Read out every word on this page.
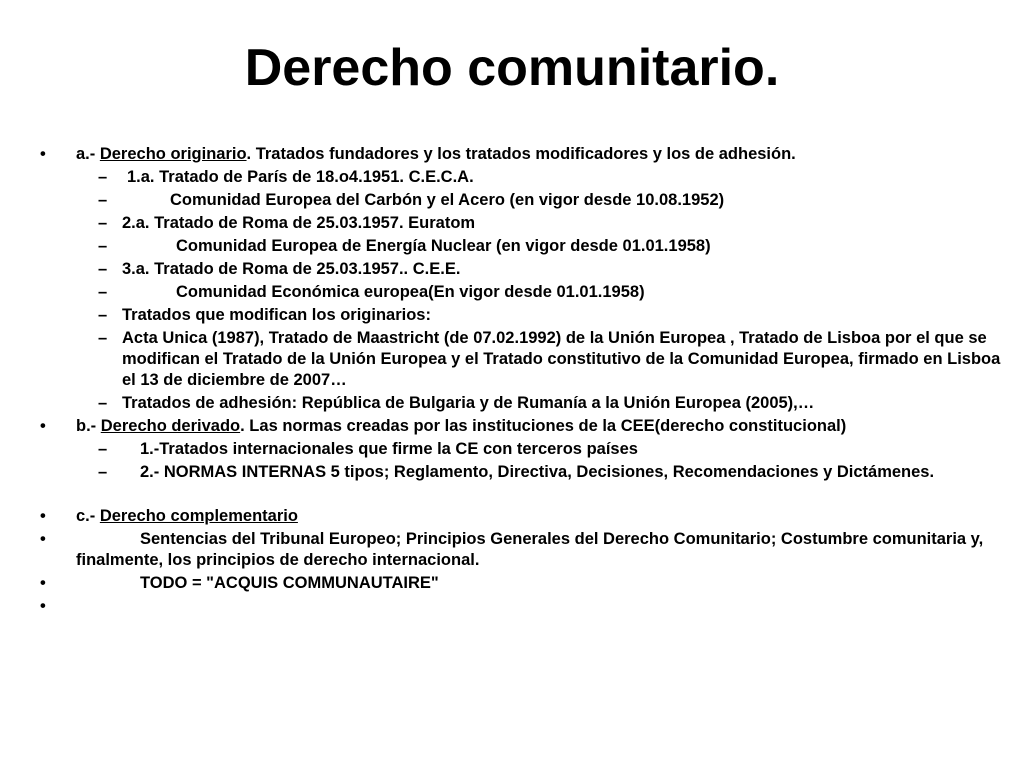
Derecho comunitario.
•	a.- Derecho originario. Tratados fundadores y los tratados modificadores y los de adhesión.
– 1.a. Tratado de París de 18.o4.1951. C.E.C.A.
–	Comunidad Europea del Carbón y el Acero (en vigor desde 10.08.1952)
– 2.a. Tratado de Roma de 25.03.1957. Euratom
–	Comunidad Europea de Energía Nuclear (en vigor desde 01.01.1958)
– 3.a. Tratado de Roma de 25.03.1957.. C.E.E.
–	Comunidad Económica europea(En vigor desde 01.01.1958)
– Tratados que modifican los originarios:
– Acta Unica (1987), Tratado de Maastricht (de 07.02.1992) de la Unión Europea , Tratado de Lisboa por el que se modifican el Tratado de la Unión Europea y el Tratado constitutivo de la Comunidad Europea, firmado en Lisboa el 13 de diciembre de 2007…
– Tratados de adhesión: República de Bulgaria y de Rumanía a la Unión Europea (2005),…
•	b.- Derecho derivado. Las normas creadas por las instituciones de la CEE(derecho constitucional)
– 1.-Tratados internacionales que firme la CE con terceros países
– 2.- NORMAS INTERNAS 5 tipos; Reglamento, Directiva, Decisiones, Recomendaciones y Dictámenes.
•	c.- Derecho complementario
•	Sentencias del Tribunal Europeo; Principios Generales del Derecho Comunitario; Costumbre comunitaria y, finalmente, los principios de derecho internacional.
•	TODO = "ACQUIS COMMUNAUTAIRE"
•
